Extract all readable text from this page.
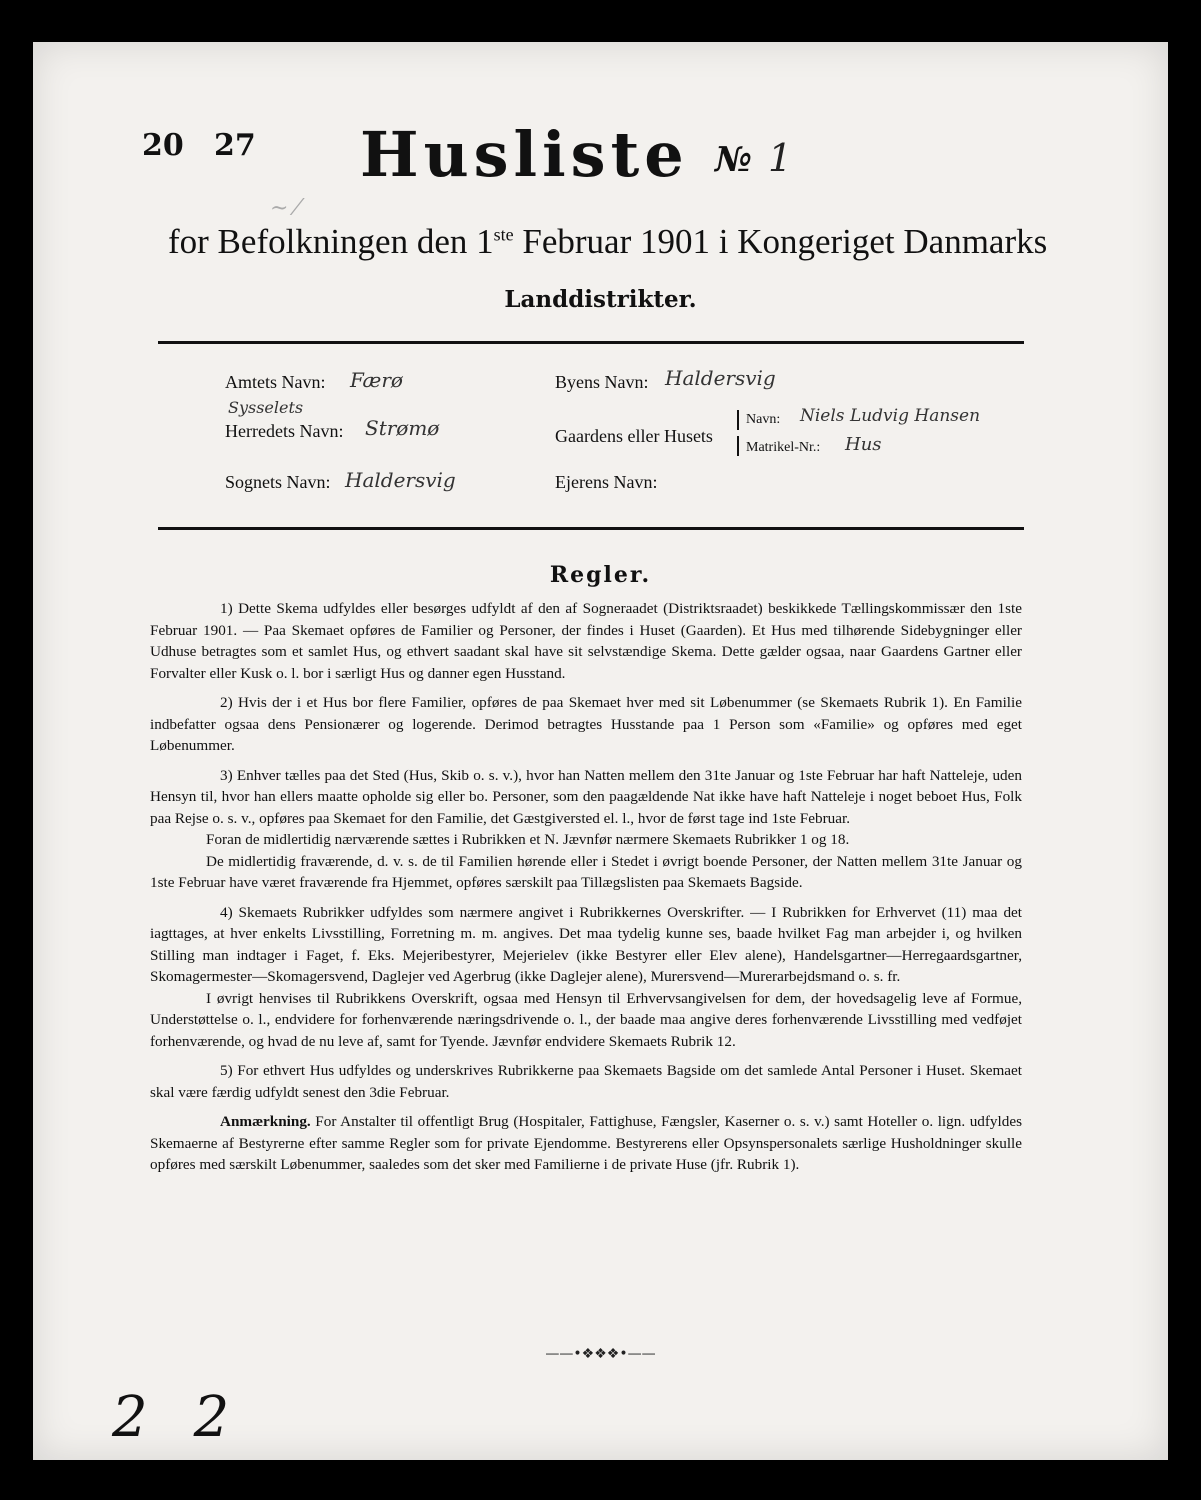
20 27 Husliste № 1
~ ⁄
for Befolkningen den 1ste Februar 1901 i Kongeriget Danmarks
Landdistrikter.
Amtets Navn: Færø
Sysselets
Herredets Navn: Strømø
Sognets Navn: Haldersvig
Byens Navn: Haldersvig
Gaardens eller Husets
Navn: Niels Ludvig Hansen
Matrikel-Nr.: Hus
Ejerens Navn:
Regler.

1) Dette Skema udfyldes eller besørges udfyldt af den af Sogneraadet (Distriktsraadet) beskikkede Tællingskommissær den 1ste Februar 1901. — Paa Skemaet opføres de Familier og Personer, der findes i Huset (Gaarden). Et Hus med tilhørende Sidebygninger eller Udhuse betragtes som et samlet Hus, og ethvert saadant skal have sit selvstændige Skema. Dette gælder ogsaa, naar Gaardens Gartner eller Forvalter eller Kusk o. l. bor i særligt Hus og danner egen Husstand.

2) Hvis der i et Hus bor flere Familier, opføres de paa Skemaet hver med sit Løbenummer (se Skemaets Rubrik 1). En Familie indbefatter ogsaa dens Pensionærer og logerende. Derimod betragtes Husstande paa 1 Person som «Familie» og opføres med eget Løbenummer.

3) Enhver tælles paa det Sted (Hus, Skib o. s. v.), hvor han Natten mellem den 31te Januar og 1ste Februar har haft Natteleje, uden Hensyn til, hvor han ellers maatte opholde sig eller bo. Personer, som den paagældende Nat ikke have haft Natteleje i noget beboet Hus, Folk paa Rejse o. s. v., opføres paa Skemaet for den Familie, det Gæstgiversted el. l., hvor de først tage ind 1ste Februar.

Foran de midlertidig nærværende sættes i Rubrikken et N. Jævnfør nærmere Skemaets Rubrikker 1 og 18.

De midlertidig fraværende, d. v. s. de til Familien hørende eller i Stedet i øvrigt boende Personer, der Natten mellem 31te Januar og 1ste Februar have været fraværende fra Hjemmet, opføres særskilt paa Tillægslisten paa Skemaets Bagside.

4) Skemaets Rubrikker udfyldes som nærmere angivet i Rubrikkernes Overskrifter. — I Rubrikken for Erhvervet (11) maa det iagttages, at hver enkelts Livsstilling, Forretning m. m. angives. Det maa tydelig kunne ses, baade hvilket Fag man arbejder i, og hvilken Stilling man indtager i Faget, f. Eks. Mejeribestyrer, Mejerielev (ikke Bestyrer eller Elev alene), Handelsgartner—Herregaardsgartner, Skomagermester—Skomagersvend, Daglejer ved Agerbrug (ikke Daglejer alene), Murersvend—Murerarbejdsmand o. s. fr.

I øvrigt henvises til Rubrikkens Overskrift, ogsaa med Hensyn til Erhvervsangivelsen for dem, der hovedsagelig leve af Formue, Understøttelse o. l., endvidere for forhenværende næringsdrivende o. l., der baade maa angive deres forhenværende Livsstilling med vedføjet forhenværende, og hvad de nu leve af, samt for Tyende. Jævnfør endvidere Skemaets Rubrik 12.

5) For ethvert Hus udfyldes og underskrives Rubrikkerne paa Skemaets Bagside om det samlede Antal Personer i Huset. Skemaet skal være færdig udfyldt senest den 3die Februar.

Anmærkning. For Anstalter til offentligt Brug (Hospitaler, Fattighuse, Fængsler, Kaserner o. s. v.) samt Hoteller o. lign. udfyldes Skemaerne af Bestyrerne efter samme Regler som for private Ejendomme. Bestyrerens eller Opsynspersonalets særlige Husholdninger skulle opføres med særskilt Løbenummer, saaledes som det sker med Familierne i de private Huse (jfr. Rubrik 1).

——•❖❖❖•——
22
